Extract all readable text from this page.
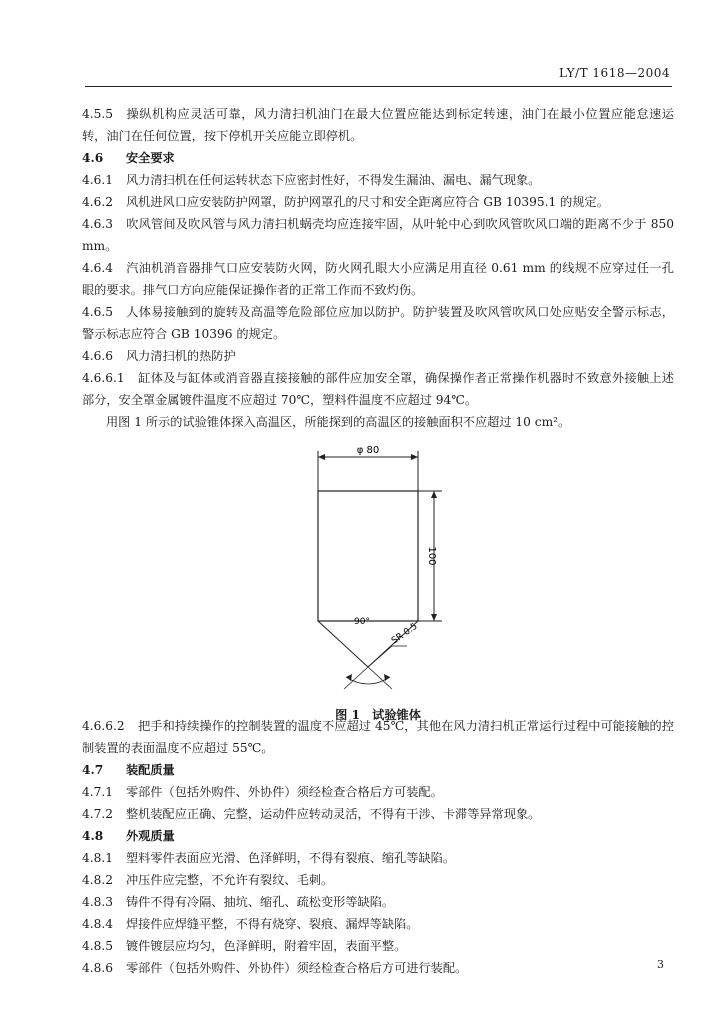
LY/T 1618—2004

4.5.5 操纵机构应灵活可靠，风力清扫机油门在最大位置应能达到标定转速，油门在最小位置应能怠速运转，油门在任何位置，按下停机开关应能立即停机。

4.6 安全要求

4.6.1 风力清扫机在任何运转状态下应密封性好，不得发生漏油、漏电、漏气现象。

4.6.2 风机进风口应安装防护网罩，防护网罩孔的尺寸和安全距离应符合 GB 10395.1 的规定。

4.6.3 吹风管间及吹风管与风力清扫机蜗壳均应连接牢固，从叶轮中心到吹风管吹风口端的距离不少于 850 mm。

4.6.4 汽油机消音器排气口应安装防火网，防火网孔眼大小应满足用直径 0.61 mm 的线规不应穿过任一孔眼的要求。排气口方向应能保证操作者的正常工作而不致灼伤。

4.6.5 人体易接触到的旋转及高温等危险部位应加以防护。防护装置及吹风管吹风口处应贴安全警示标志，警示标志应符合 GB 10396 的规定。

4.6.6 风力清扫机的热防护

4.6.6.1 缸体及与缸体或消音器直接接触的部件应加安全罩，确保操作者正常操作机器时不致意外接触上述部分，安全罩金属镀件温度不应超过 70℃，塑料件温度不应超过 94℃。

用图 1 所示的试验锥体探入高温区，所能探到的高温区的接触面积不应超过 10 cm²。

φ 80
100
SR 0.5
图 1　试验锥体

4.6.6.2 把手和持续操作的控制装置的温度不应超过 45℃，其他在风力清扫机正常运行过程中可能接触的控制装置的表面温度不应超过 55℃。

4.7 装配质量

4.7.1 零部件（包括外购件、外协件）须经检查合格后方可装配。

4.7.2 整机装配应正确、完整，运动件应转动灵活，不得有干涉、卡滞等异常现象。

4.8 外观质量

4.8.1 塑料零件表面应光滑、色泽鲜明，不得有裂痕、缩孔等缺陷。

4.8.2 冲压件应完整，不允许有裂纹、毛刺。

4.8.3 铸件不得有冷隔、抽坑、缩孔、疏松变形等缺陷。

4.8.4 焊接件应焊缝平整，不得有烧穿、裂痕、漏焊等缺陷。

4.8.5 镀件镀层应均匀，色泽鲜明，附着牢固，表面平整。

4.8.6 零部件（包括外购件、外协件）须经检查合格后方可进行装配。

90°
3
